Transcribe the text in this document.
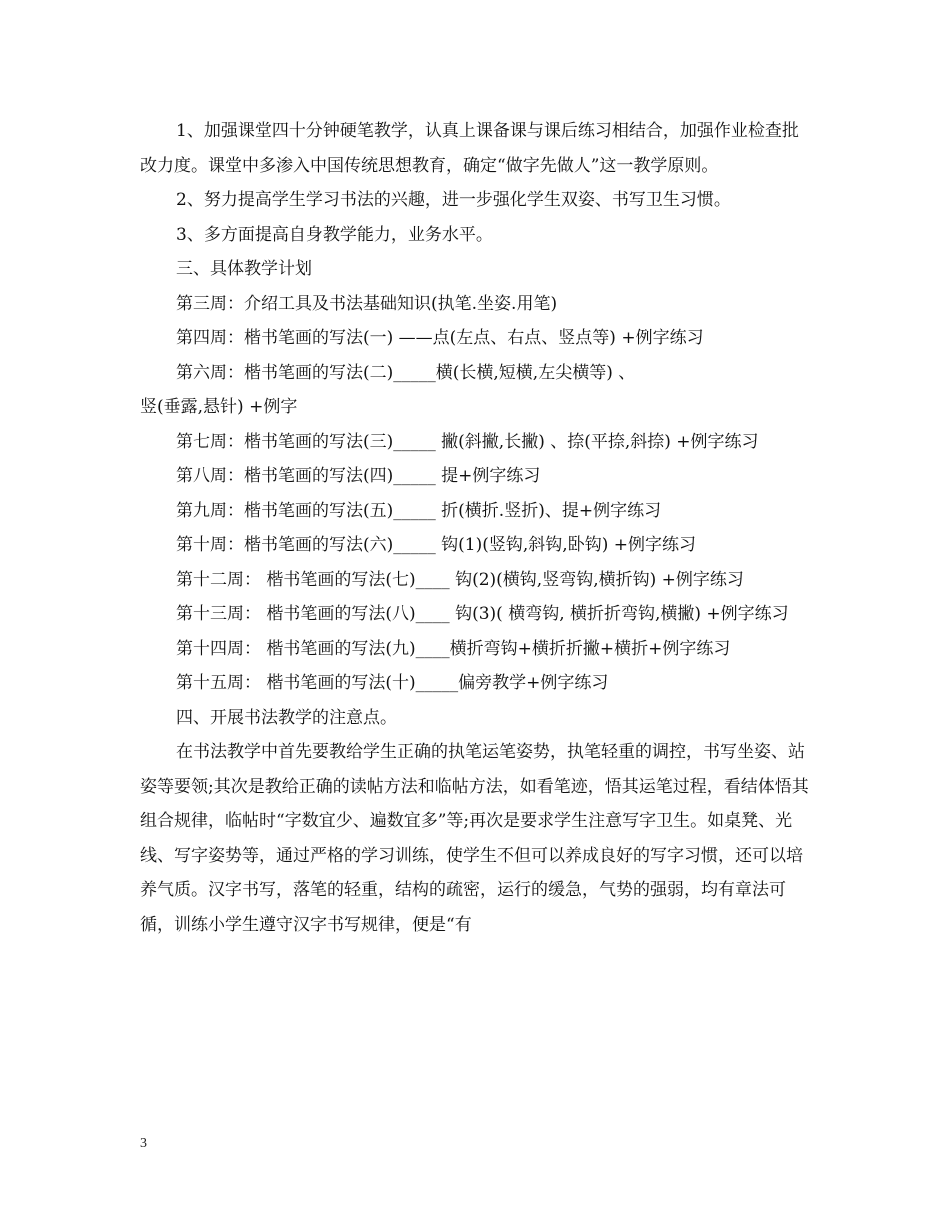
1、加强课堂四十分钟硬笔教学，认真上课备课与课后练习相结合，加强作业检查批改力度。课堂中多渗入中国传统思想教育，确定“做字先做人”这一教学原则。

2、努力提高学生学习书法的兴趣，进一步强化学生双姿、书写卫生习惯。

3、多方面提高自身教学能力，业务水平。

三、具体教学计划

第三周：介绍工具及书法基础知识(执笔.坐姿.用笔)

第四周：楷书笔画的写法(一) ——点(左点、右点、竖点等) +例字练习

第六周：楷书笔画的写法(二)_____横(长横,短横,左尖横等) 、

竖(垂露,悬针) +例字

第七周：楷书笔画的写法(三)_____ 撇(斜撇,长撇) 、捺(平捺,斜捺) +例字练习

第八周：楷书笔画的写法(四)_____ 提+例字练习

第九周：楷书笔画的写法(五)_____ 折(横折.竖折)、提+例字练习

第十周：楷书笔画的写法(六)_____ 钩(1)(竖钩,斜钩,卧钩) +例字练习

第十二周： 楷书笔画的写法(七)____ 钩(2)(横钩,竖弯钩,横折钩) +例字练习

第十三周： 楷书笔画的写法(八)____ 钩(3)( 横弯钩, 横折折弯钩,横撇) +例字练习

第十四周： 楷书笔画的写法(九)____横折弯钩+横折折撇+横折+例字练习

第十五周： 楷书笔画的写法(十)_____偏旁教学+例字练习

四、开展书法教学的注意点。

在书法教学中首先要教给学生正确的执笔运笔姿势，执笔轻重的调控，书写坐姿、站姿等要领;其次是教给正确的读帖方法和临帖方法，如看笔迹，悟其运笔过程，看结体悟其组合规律，临帖时“字数宜少、遍数宜多”等;再次是要求学生注意写字卫生。如桌凳、光线、写字姿势等，通过严格的学习训练，使学生不但可以养成良好的写字习惯，还可以培养气质。汉字书写，落笔的轻重，结构的疏密，运行的缓急，气势的强弱，均有章法可循，训练小学生遵守汉字书写规律，便是“有

3
